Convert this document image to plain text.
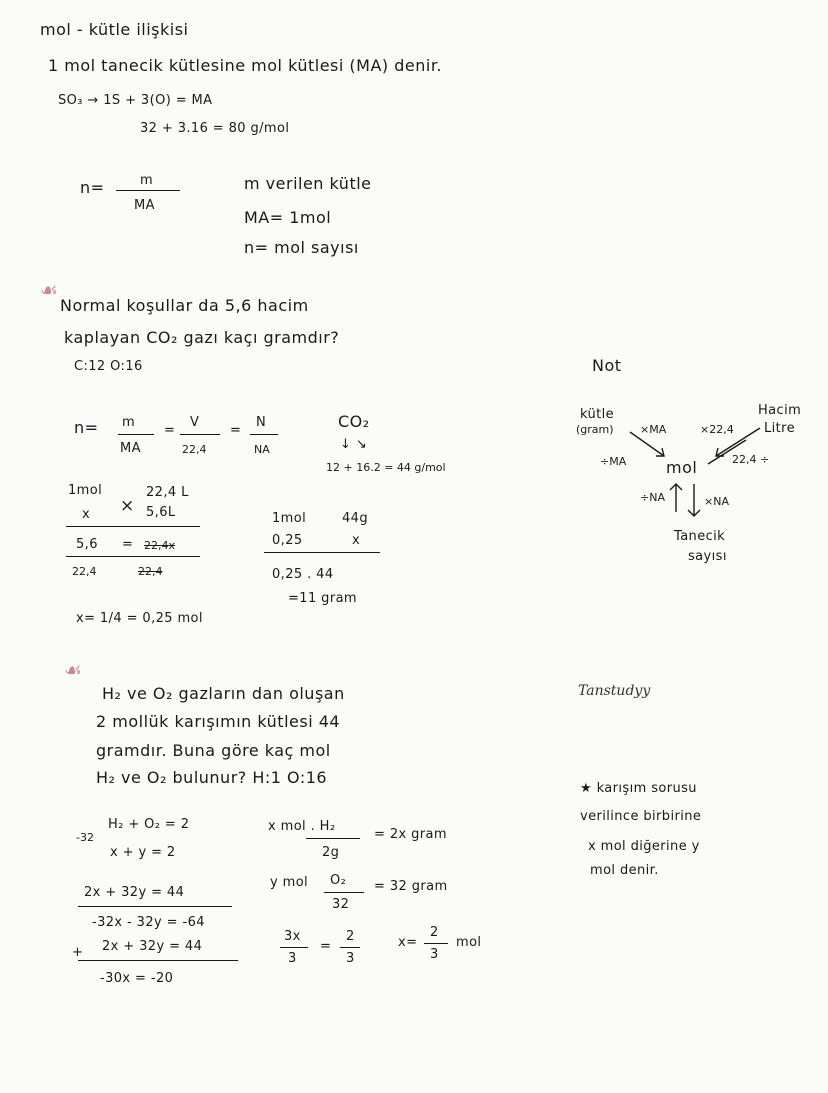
mol - kütle ilişkisi
1 mol tanecik kütlesine mol kütlesi (MA) denir.
SO₃ → 1S + 3(O) = MA
32 + 3.16 = 80 g/mol
n=	m
MA
m verilen kütle
MA= 1mol
n= mol sayısı
☙
Normal koşullar da 5,6 hacim
kaplayan CO₂ gazı kaçı gramdır?
C:12 O:16
n= m
MA
=
V
22,4
=
N
NA
CO₂
↓ ↘
12 + 16.2 = 44 g/mol
1mol	22,4 L
x × 5,6L
5,6 = 22,4x
22,4	22,4
x= 1/4 = 0,25 mol
1mol	44g
0,25	x
0,25 . 44
=11 gram
☙
H₂ ve O₂ gazların dan oluşan
2 mollük karışımın kütlesi 44
gramdır. Buna göre kaç mol
H₂ ve O₂ bulunur? H:1 O:16
H₂ + O₂ = 2
-32
x + y = 2
2x + 32y = 44
-32x - 32y = -64
+ 2x + 32y = 44
-30x = -20
x mol . H₂
2g
= 2x gram
y mol O₂
32
= 32 gram
3x
3
=
2
3
x=
2
3
mol
Not
kütle
(gram) ×MA
÷MA
Hacim
Litre
×22,4
22,4 ÷
mol
÷NA	×NA
Tanecik
sayısı
Tanstudyy
★ karışım sorusu
verilince birbirine
x mol diğerine y
mol denir.
